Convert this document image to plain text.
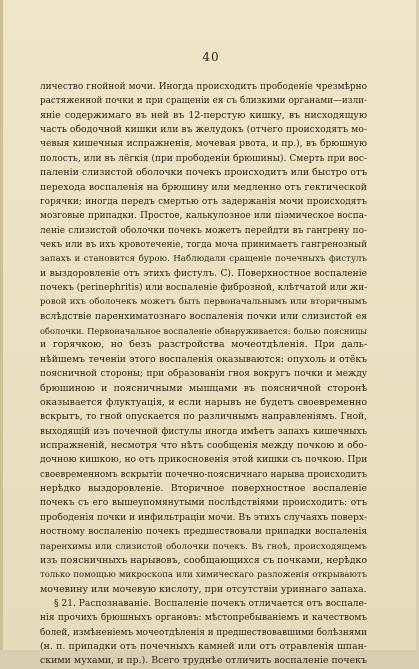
40
личество гнойной мочи. Иногда происходитъ прободеніе чрезмѣрно
растяженной почки и при сращеніи ея съ близкими органами—изли-
яніе содержимаго въ ней въ 12-перстую кишку, въ нисходящую
часть ободочной кишки или въ желудокъ (отчего происходятъ мо-
чевыя кишечныя испражненія, мочевая рвота, и пр.), въ брюшную
полость, или въ лёгкія (при прободеніи брюшины). Смерть при вос-
паленіи слизистой оболочки почекъ происходитъ или быстро отъ
перехода воспаленія на брюшину или медленно отъ гектической
горячки; иногда передъ смертью отъ задержанія мочи происходятъ
мозговые припадки. Простое, калькулозное или піэмическое воспа-
леніе слизистой оболочки почекъ можетъ перейдти въ гангрену по-
чекъ или въ ихъ кровотеченіе, тогда моча принимаетъ гангренозный
запахъ и становится бурою. Наблюдали сращеніе почечныхъ фистулъ
и выздоровленіе отъ этихъ фистулъ. С). Поверхностное воспаленіе
почекъ (perinephritis) или воспаленіе фиброзной, клѣтчатой или жи-
ровой ихъ оболочекъ можетъ быть первоначальнымъ или вторичнымъ
вслѣдствіе паренхиматознаго воспаленія почки или слизистой ея
оболочки. Первоначальное воспаленіе обнаруживается: болью поясницы
и горячкою, но безъ разстройства мочеотдѣленія. При даль-
нѣйшемъ теченіи этого воспаленія оказываются: опухоль и отёкъ
поясничной стороны; при образованіи гноя вокругъ почки и между
брюшиною и поясничными мышцами въ поясничной сторонѣ
оказывается флуктуація, и если нарывъ не будетъ своевременно
вскрытъ, то гной опускается по различнымъ направленіямъ. Гной,
выходящій изъ почечной фистулы иногда имѣетъ запахъ кишечныхъ
испражненій, несмотря что нѣтъ сообщенія между почкою и обо-
дочною кишкою, но отъ прикосновенія этой кишки съ почкою. При
своевременномъ вскрытіи почечно-поясничнаго нарыва происходитъ
нерѣдко выздоровленіе. Вторичное поверхностное воспаленіе
почекъ съ его вышеупомянутыми послѣдствіями происходитъ: отъ
прободенія почки и инфильтраціи мочи. Въ этихъ случаяхъ поверх-
ностному воспаленію почекъ предшествовали припадки воспаленія
паренхимы или слизистой оболочки почекъ. Въ гноѣ, происходящемъ
изъ поясничныхъ нарывовъ, сообщающихся съ почками, нерѣдко
только помощью микроскопа или химическаго разложенія открываютъ
мочевину или мочевую кислоту, при отсутствіи уриннаго запаха.
§ 21. Распознаваніе. Воспаленіе почекъ отличается отъ воспале-
нія прочихъ брюшныхъ органовъ: мѣстопребываніемъ и качествомъ
болей, измѣненіемъ мочеотдѣленія и предшествовавшими болѣзнями
(н. п. припадки отъ почечныхъ камней или отъ отравленія шпан-
скими мухами, и пр.). Всего труднѣе отличить воспаленіе почекъ
